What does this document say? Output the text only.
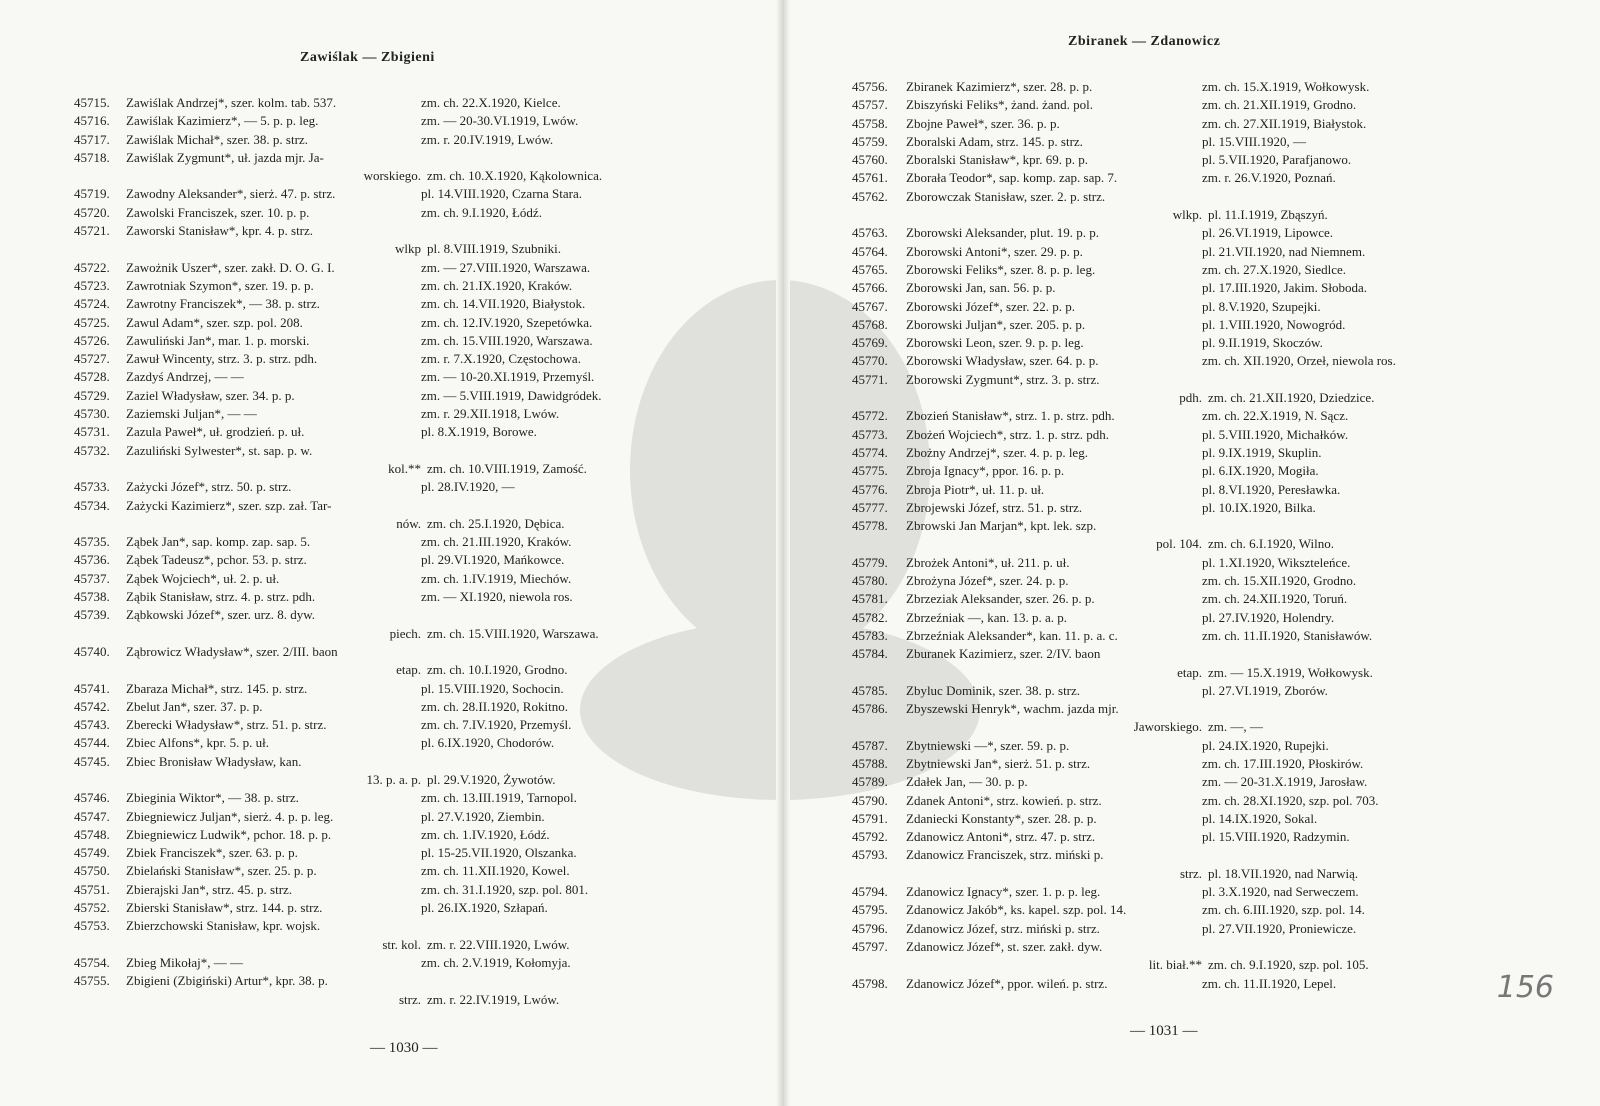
Zawiślak — Zbigieni
45715.	Zawiślak Andrzej*, szer. kolm. tab. 537.	zm. ch. 22.X.1920, Kielce.
45716.	Zawiślak Kazimierz*, — 5. p. p. leg.	zm. — 20-30.VI.1919, Lwów.
45717.	Zawiślak Michał*, szer. 38. p. strz.	zm. r. 20.IV.1919, Lwów.
45718.	Zawiślak Zygmunt*, uł. jazda mjr. Ja-
worskiego. zm. ch. 10.X.1920, Kąkolownica.
45719.	Zawodny Aleksander*, sierż. 47. p. strz.	pl. 14.VIII.1920, Czarna Stara.
45720.	Zawolski Franciszek, szer. 10. p. p.	zm. ch. 9.I.1920, Łódź.
45721.	Zaworski Stanisław*, kpr. 4. p. strz.
wlkp pl. 8.VIII.1919, Szubniki.
45722.	Zawożnik Uszer*, szer. zakł. D. O. G. I.	zm. — 27.VIII.1920, Warszawa.
45723.	Zawrotniak Szymon*, szer. 19. p. p.	zm. ch. 21.IX.1920, Kraków.
45724.	Zawrotny Franciszek*, — 38. p. strz.	zm. ch. 14.VII.1920, Białystok.
45725.	Zawul Adam*, szer. szp. pol. 208.	zm. ch. 12.IV.1920, Szepetówka.
45726.	Zawuliński Jan*, mar. 1. p. morski.	zm. ch. 15.VIII.1920, Warszawa.
45727.	Zawuł Wincenty, strz. 3. p. strz. pdh.	zm. r. 7.X.1920, Częstochowa.
45728.	Zazdyś Andrzej, — —	zm. — 10-20.XI.1919, Przemyśl.
45729.	Zaziel Władysław, szer. 34. p. p.	zm. — 5.VIII.1919, Dawidgródek.
45730.	Zaziemski Juljan*, — —	zm. r. 29.XII.1918, Lwów.
45731.	Zazula Paweł*, uł. grodzień. p. uł.	pl. 8.X.1919, Borowe.
45732.	Zazuliński Sylwester*, st. sap. p. w.
kol.** zm. ch. 10.VIII.1919, Zamość.
45733.	Zażycki Józef*, strz. 50. p. strz.	pl. 28.IV.1920, —
45734.	Zażycki Kazimierz*, szer. szp. zał. Tar-
nów. zm. ch. 25.I.1920, Dębica.
45735.	Ząbek Jan*, sap. komp. zap. sap. 5.	zm. ch. 21.III.1920, Kraków.
45736.	Ząbek Tadeusz*, pchor. 53. p. strz.	pl. 29.VI.1920, Mańkowce.
45737.	Ząbek Wojciech*, uł. 2. p. uł.	zm. ch. 1.IV.1919, Miechów.
45738.	Ząbik Stanisław, strz. 4. p. strz. pdh.	zm. — XI.1920, niewola ros.
45739.	Ząbkowski Józef*, szer. urz. 8. dyw.
piech. zm. ch. 15.VIII.1920, Warszawa.
45740.	Ząbrowicz Władysław*, szer. 2/III. baon
etap. zm. ch. 10.I.1920, Grodno.
45741.	Zbaraza Michał*, strz. 145. p. strz.	pl. 15.VIII.1920, Sochocin.
45742.	Zbelut Jan*, szer. 37. p. p.	zm. ch. 28.II.1920, Rokitno.
45743.	Zberecki Władysław*, strz. 51. p. strz.	zm. ch. 7.IV.1920, Przemyśl.
45744.	Zbiec Alfons*, kpr. 5. p. uł.	pl. 6.IX.1920, Chodorów.
45745.	Zbiec Bronisław Władysław, kan.
13. p. a. p. pl. 29.V.1920, Żywotów.
45746.	Zbieginia Wiktor*, — 38. p. strz.	zm. ch. 13.III.1919, Tarnopol.
45747.	Zbiegniewicz Juljan*, sierż. 4. p. p. leg.	pl. 27.V.1920, Ziembin.
45748.	Zbiegniewicz Ludwik*, pchor. 18. p. p.	zm. ch. 1.IV.1920, Łódź.
45749.	Zbiek Franciszek*, szer. 63. p. p.	pl. 15-25.VII.1920, Olszanka.
45750.	Zbielański Stanisław*, szer. 25. p. p.	zm. ch. 11.XII.1920, Kowel.
45751.	Zbierajski Jan*, strz. 45. p. strz.	zm. ch. 31.I.1920, szp. pol. 801.
45752.	Zbierski Stanisław*, strz. 144. p. strz.	pl. 26.IX.1920, Szłapań.
45753.	Zbierzchowski Stanisław, kpr. wojsk.
str. kol. zm. r. 22.VIII.1920, Lwów.
45754.	Zbieg Mikołaj*, — —	zm. ch. 2.V.1919, Kołomyja.
45755.	Zbigieni (Zbigiński) Artur*, kpr. 38. p.
strz. zm. r. 22.IV.1919, Lwów.
— 1030 —
Zbiranek — Zdanowicz
45756.	Zbiranek Kazimierz*, szer. 28. p. p.	zm. ch. 15.X.1919, Wołkowysk.
45757.	Zbiszyński Feliks*, żand. żand. pol.	zm. ch. 21.XII.1919, Grodno.
45758.	Zbojne Paweł*, szer. 36. p. p.	zm. ch. 27.XII.1919, Białystok.
45759.	Zboralski Adam, strz. 145. p. strz.	pl. 15.VIII.1920, —
45760.	Zboralski Stanisław*, kpr. 69. p. p.	pl. 5.VII.1920, Parafjanowo.
45761.	Zborała Teodor*, sap. komp. zap. sap. 7.	zm. r. 26.V.1920, Poznań.
45762.	Zborowczak Stanisław, szer. 2. p. strz.
wlkp. pl. 11.I.1919, Zbąszyń.
45763.	Zborowski Aleksander, plut. 19. p. p.	pl. 26.VI.1919, Lipowce.
45764.	Zborowski Antoni*, szer. 29. p. p.	pl. 21.VII.1920, nad Niemnem.
45765.	Zborowski Feliks*, szer. 8. p. p. leg.	zm. ch. 27.X.1920, Siedlce.
45766.	Zborowski Jan, san. 56. p. p.	pl. 17.III.1920, Jakim. Słoboda.
45767.	Zborowski Józef*, szer. 22. p. p.	pl. 8.V.1920, Szupejki.
45768.	Zborowski Juljan*, szer. 205. p. p.	pl. 1.VIII.1920, Nowogród.
45769.	Zborowski Leon, szer. 9. p. p. leg.	pl. 9.II.1919, Skoczów.
45770.	Zborowski Władysław, szer. 64. p. p.	zm. ch. XII.1920, Orzeł, niewola ros.
45771.	Zborowski Zygmunt*, strz. 3. p. strz.
pdh. zm. ch. 21.XII.1920, Dziedzice.
45772.	Zbozień Stanisław*, strz. 1. p. strz. pdh.	zm. ch. 22.X.1919, N. Sącz.
45773.	Zbożeń Wojciech*, strz. 1. p. strz. pdh.	pl. 5.VIII.1920, Michałków.
45774.	Zbożny Andrzej*, szer. 4. p. p. leg.	pl. 9.IX.1919, Skuplin.
45775.	Zbroja Ignacy*, ppor. 16. p. p.	pl. 6.IX.1920, Mogiła.
45776.	Zbroja Piotr*, uł. 11. p. uł.	pl. 8.VI.1920, Peresławka.
45777.	Zbrojewski Józef, strz. 51. p. strz.	pl. 10.IX.1920, Bilka.
45778.	Zbrowski Jan Marjan*, kpt. lek. szp.
pol. 104. zm. ch. 6.I.1920, Wilno.
45779.	Zbrożek Antoni*, uł. 211. p. uł.	pl. 1.XI.1920, Wikszteleńce.
45780.	Zbrożyna Józef*, szer. 24. p. p.	zm. ch. 15.XII.1920, Grodno.
45781.	Zbrzeziak Aleksander, szer. 26. p. p.	zm. ch. 24.XII.1920, Toruń.
45782.	Zbrzeźniak —, kan. 13. p. a. p.	pl. 27.IV.1920, Holendry.
45783.	Zbrzeźniak Aleksander*, kan. 11. p. a. c.	zm. ch. 11.II.1920, Stanisławów.
45784.	Zburanek Kazimierz, szer. 2/IV. baon
etap. zm. — 15.X.1919, Wołkowysk.
45785.	Zbyluc Dominik, szer. 38. p. strz.	pl. 27.VI.1919, Zborów.
45786.	Zbyszewski Henryk*, wachm. jazda mjr.
Jaworskiego. zm. —, —
45787.	Zbytniewski —*, szer. 59. p. p.	pl. 24.IX.1920, Rupejki.
45788.	Zbytniewski Jan*, sierż. 51. p. strz.	zm. ch. 17.III.1920, Płoskirów.
45789.	Zdałek Jan, — 30. p. p.	zm. — 20-31.X.1919, Jarosław.
45790.	Zdanek Antoni*, strz. kowień. p. strz.	zm. ch. 28.XI.1920, szp. pol. 703.
45791.	Zdaniecki Konstanty*, szer. 28. p. p.	pl. 14.IX.1920, Sokal.
45792.	Zdanowicz Antoni*, strz. 47. p. strz.	pl. 15.VIII.1920, Radzymin.
45793.	Zdanowicz Franciszek, strz. miński p.
strz. pl. 18.VII.1920, nad Narwią.
45794.	Zdanowicz Ignacy*, szer. 1. p. p. leg.	pl. 3.X.1920, nad Serweczem.
45795.	Zdanowicz Jakób*, ks. kapel. szp. pol. 14.	zm. ch. 6.III.1920, szp. pol. 14.
45796.	Zdanowicz Józef, strz. miński p. strz.	pl. 27.VII.1920, Proniewicze.
45797.	Zdanowicz Józef*, st. szer. zakł. dyw.
lit. biał.** zm. ch. 9.I.1920, szp. pol. 105.
45798.	Zdanowicz Józef*, ppor. wileń. p. strz.	zm. ch. 11.II.1920, Lepel.
— 1031 —
156
